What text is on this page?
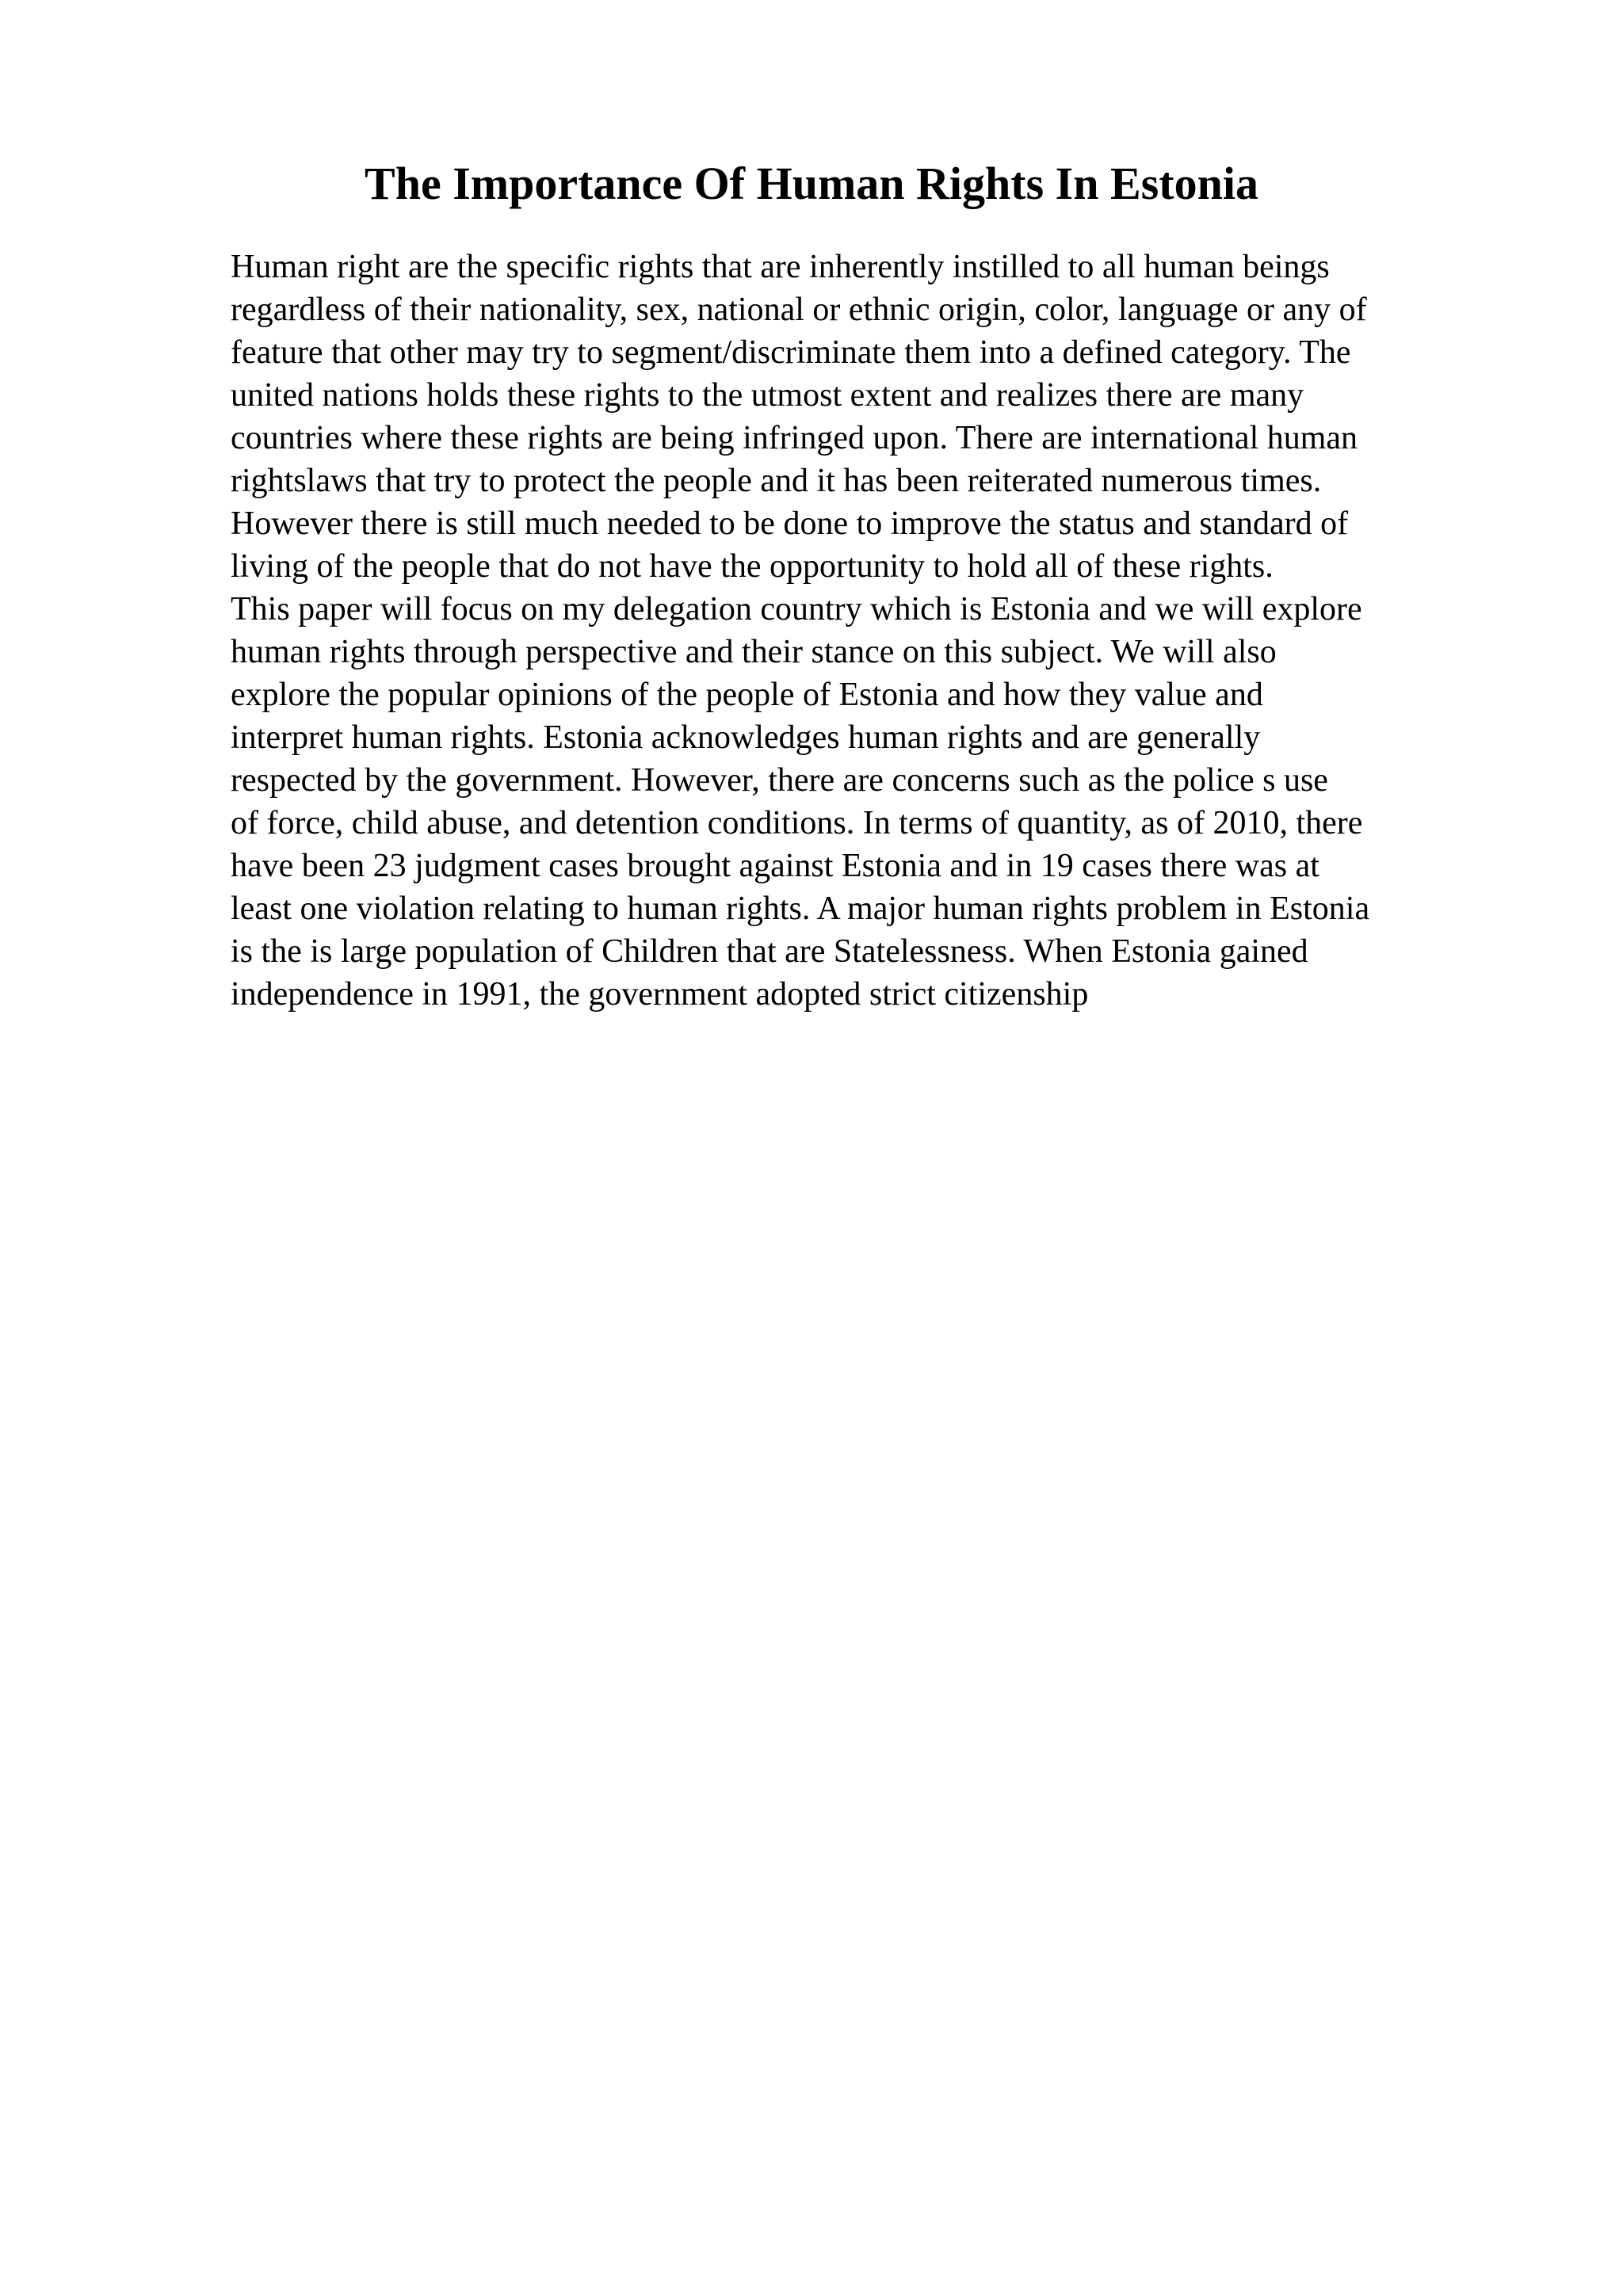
The Importance Of Human Rights In Estonia
Human right are the specific rights that are inherently instilled to all human beings
regardless of their nationality, sex, national or ethnic origin, color, language or any of
feature that other may try to segment/discriminate them into a defined category. The
united nations holds these rights to the utmost extent and realizes there are many
countries where these rights are being infringed upon. There are international human
rightslaws that try to protect the people and it has been reiterated numerous times.
However there is still much needed to be done to improve the status and standard of
living of the people that do not have the opportunity to hold all of these rights.
This paper will focus on my delegation country which is Estonia and we will explore
human rights through perspective and their stance on this subject. We will also
explore the popular opinions of the people of Estonia and how they value and
interpret human rights. Estonia acknowledges human rights and are generally
respected by the government. However, there are concerns such as the police s use
of force, child abuse, and detention conditions. In terms of quantity, as of 2010, there
have been 23 judgment cases brought against Estonia and in 19 cases there was at
least one violation relating to human rights. A major human rights problem in Estonia
is the is large population of Children that are Statelessness. When Estonia gained
independence in 1991, the government adopted strict citizenship
